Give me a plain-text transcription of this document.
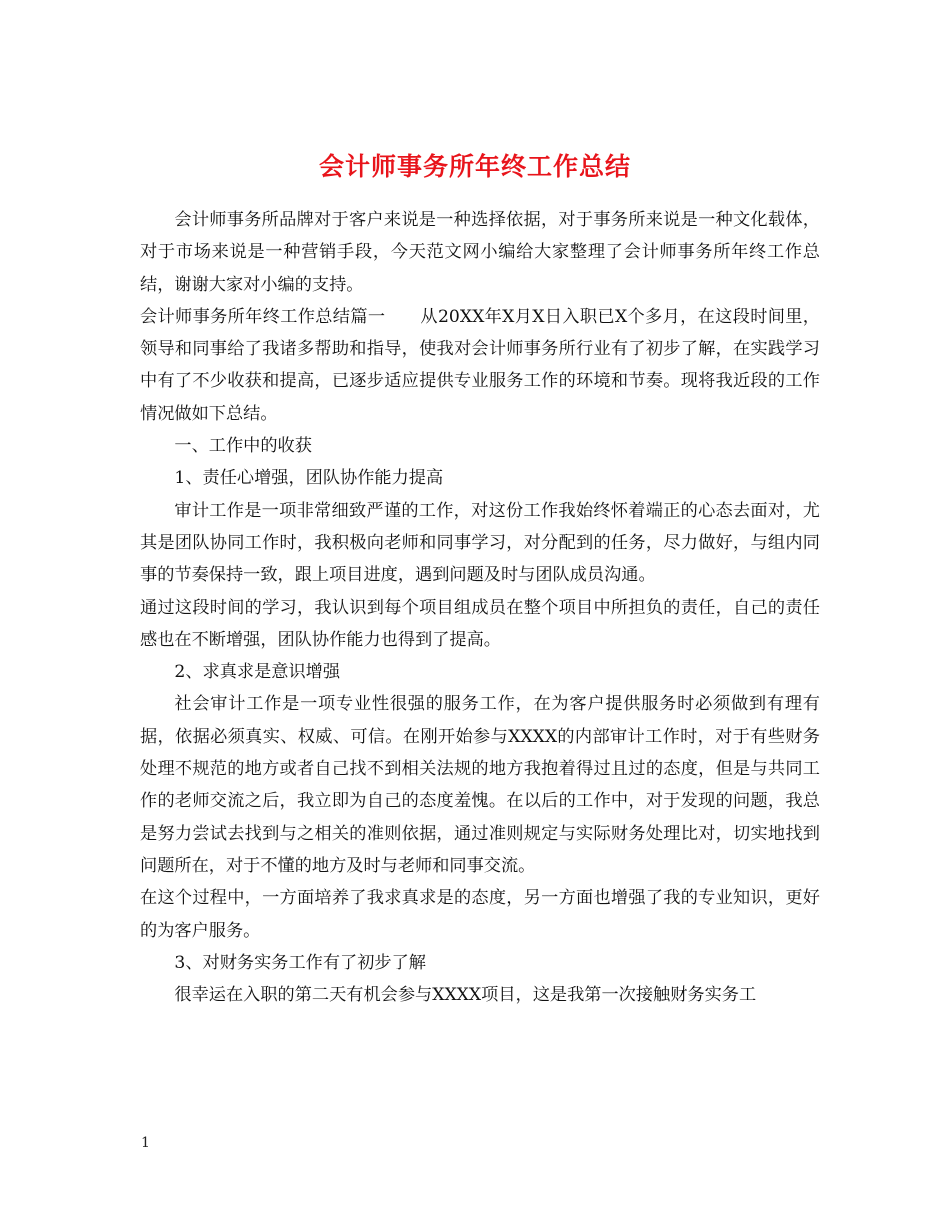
会计师事务所年终工作总结

会计师事务所品牌对于客户来说是一种选择依据，对于事务所来说是一种文化载体，对于市场来说是一种营销手段，今天范文网小编给大家整理了会计师事务所年终工作总结，谢谢大家对小编的支持。

会计师事务所年终工作总结篇一　　从20XX年X月X日入职已X个多月，在这段时间里，领导和同事给了我诸多帮助和指导，使我对会计师事务所行业有了初步了解，在实践学习中有了不少收获和提高，已逐步适应提供专业服务工作的环境和节奏。现将我近段的工作情况做如下总结。

一、工作中的收获

1、责任心增强，团队协作能力提高

审计工作是一项非常细致严谨的工作，对这份工作我始终怀着端正的心态去面对，尤其是团队协同工作时，我积极向老师和同事学习，对分配到的任务，尽力做好，与组内同事的节奏保持一致，跟上项目进度，遇到问题及时与团队成员沟通。

通过这段时间的学习，我认识到每个项目组成员在整个项目中所担负的责任，自己的责任感也在不断增强，团队协作能力也得到了提高。

2、求真求是意识增强

社会审计工作是一项专业性很强的服务工作，在为客户提供服务时必须做到有理有据，依据必须真实、权威、可信。在刚开始参与XXXX的内部审计工作时，对于有些财务处理不规范的地方或者自己找不到相关法规的地方我抱着得过且过的态度，但是与共同工作的老师交流之后，我立即为自己的态度羞愧。在以后的工作中，对于发现的问题，我总是努力尝试去找到与之相关的准则依据，通过准则规定与实际财务处理比对，切实地找到问题所在，对于不懂的地方及时与老师和同事交流。

在这个过程中，一方面培养了我求真求是的态度，另一方面也增强了我的专业知识，更好的为客户服务。

3、对财务实务工作有了初步了解

很幸运在入职的第二天有机会参与XXXX项目，这是我第一次接触财务实务工

1
